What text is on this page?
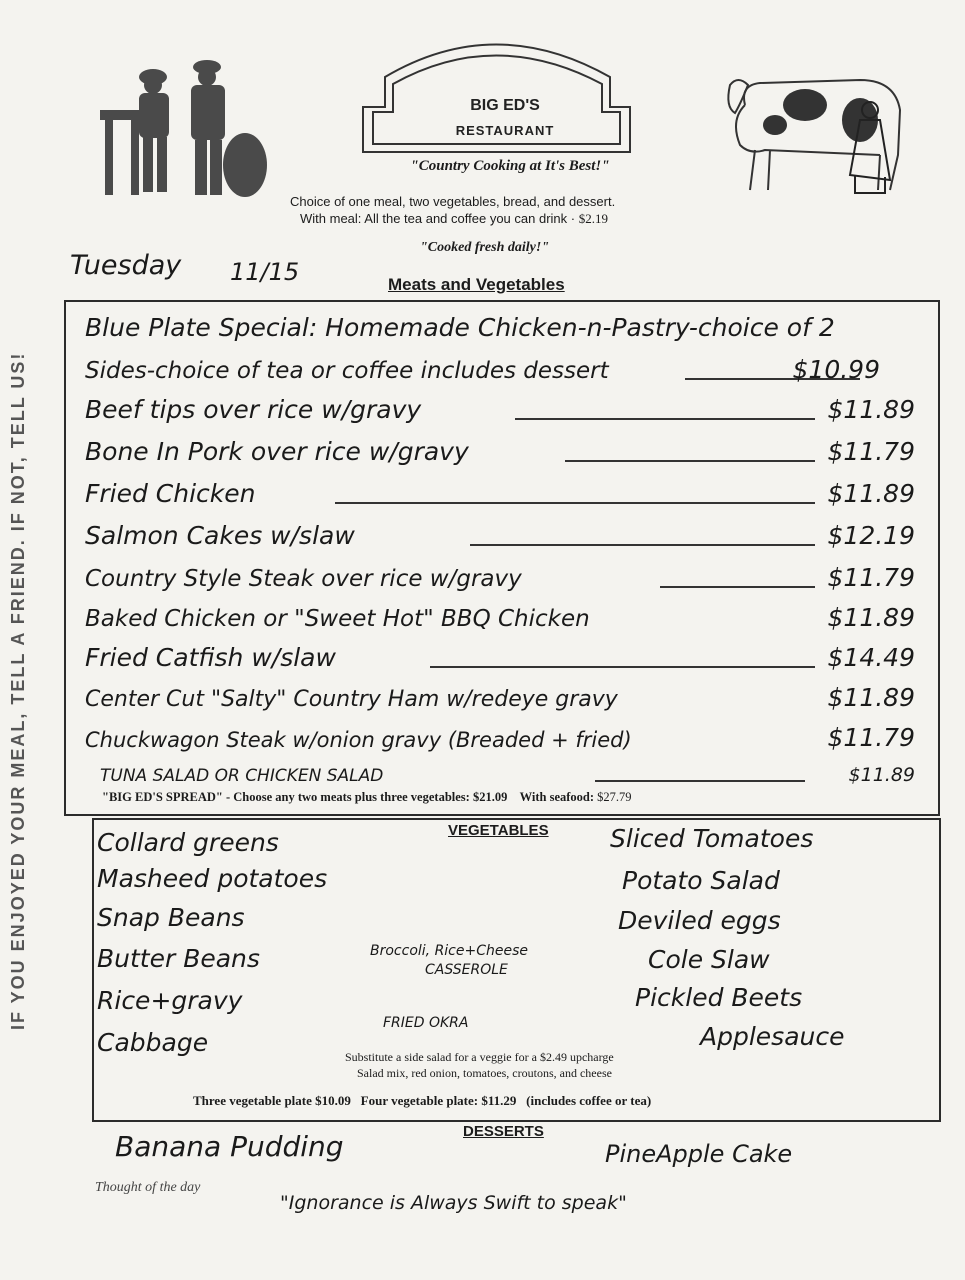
BIG ED'S
RESTAURANT
"Country Cooking at It's Best!"
Choice of one meal, two vegetables, bread, and dessert.
With meal: All the tea and coffee you can drink · $2.19
"Cooked fresh daily!"
Tuesday 11/15	Meats and Vegetables
IF YOU ENJOYED YOUR MEAL, TELL A FRIEND. IF NOT, TELL US!
Blue Plate Special: Homemade Chicken-n-Pastry-choice of 2
Sides-choice of tea or coffee includes dessert	$10.99
Beef tips over rice w/gravy	$11.89
Bone In Pork over rice w/gravy	$11.79
Fried Chicken	$11.89
Salmon Cakes w/slaw	$12.19
Country Style Steak over rice w/gravy	$11.79
Baked Chicken or "Sweet Hot" BBQ Chicken	$11.89
Fried Catfish w/slaw	$14.49
Center Cut "Salty" Country Ham w/redeye gravy	$11.89
Chuckwagon Steak w/onion gravy (Breaded + fried)	$11.79
TUNA SALAD OR CHICKEN SALAD	$11.89
"BIG ED'S SPREAD" - Choose any two meats plus three vegetables: $21.09 With seafood: $27.79
VEGETABLES
Collard greens
Masheed potatoes
Snap Beans
Butter Beans
Rice+gravy
Cabbage
Sliced Tomatoes
Potato Salad
Deviled eggs
Cole Slaw
Pickled Beets
Applesauce
Broccoli, Rice+Cheese
CASSEROLE
FRIED OKRA
Substitute a side salad for a veggie for a $2.49 upcharge
Salad mix, red onion, tomatoes, croutons, and cheese
Three vegetable plate $10.09 Four vegetable plate: $11.29 (includes coffee or tea)
DESSERTS
Banana Pudding	PineApple Cake
Thought of the day
"Ignorance is Always Swift to speak"
